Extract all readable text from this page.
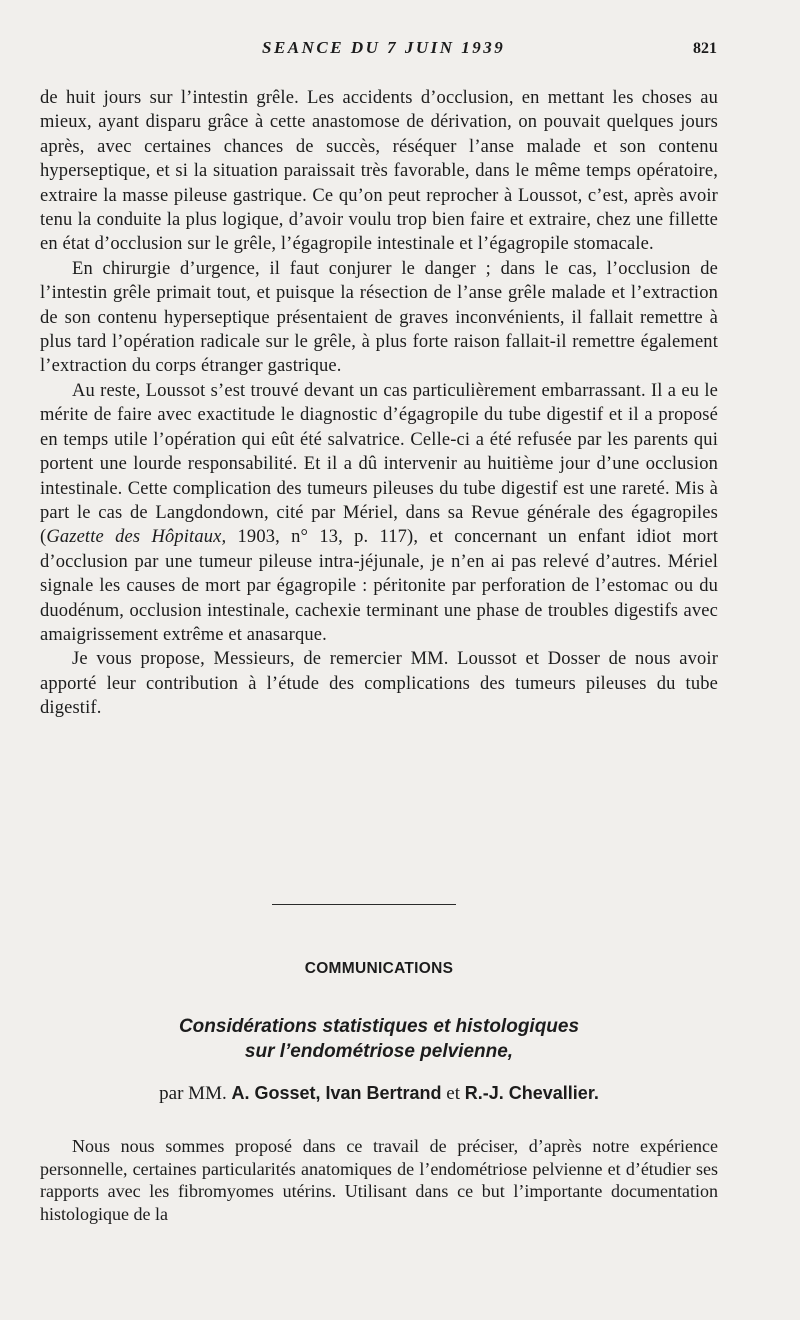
SEANCE DU 7 JUIN 1939	821

de huit jours sur l’intestin grêle. Les accidents d’occlusion, en mettant les choses au mieux, ayant disparu grâce à cette anastomose de dérivation, on pouvait quelques jours après, avec certaines chances de succès, réséquer l’anse malade et son contenu hyperseptique, et si la situation paraissait très favorable, dans le même temps opératoire, extraire la masse pileuse gastrique. Ce qu’on peut reprocher à Loussot, c’est, après avoir tenu la conduite la plus logique, d’avoir voulu trop bien faire et extraire, chez une fillette en état d’occlusion sur le grêle, l’égagropile intestinale et l’égagropile stomacale.

En chirurgie d’urgence, il faut conjurer le danger ; dans le cas, l’occlusion de l’intestin grêle primait tout, et puisque la résection de l’anse grêle malade et l’extraction de son contenu hyperseptique présentaient de graves inconvénients, il fallait remettre à plus tard l’opération radicale sur le grêle, à plus forte raison fallait-il remettre également l’extraction du corps étranger gastrique.

Au reste, Loussot s’est trouvé devant un cas particulièrement embarrassant. Il a eu le mérite de faire avec exactitude le diagnostic d’égagropile du tube digestif et il a proposé en temps utile l’opération qui eût été salvatrice. Celle-ci a été refusée par les parents qui portent une lourde responsabilité. Et il a dû intervenir au huitième jour d’une occlusion intestinale. Cette complication des tumeurs pileuses du tube digestif est une rareté. Mis à part le cas de Langdondown, cité par Mériel, dans sa Revue générale des égagropiles (Gazette des Hôpitaux, 1903, n° 13, p. 117), et concernant un enfant idiot mort d’occlusion par une tumeur pileuse intra-jéjunale, je n’en ai pas relevé d’autres. Mériel signale les causes de mort par égagropile : péritonite par perforation de l’estomac ou du duodénum, occlusion intestinale, cachexie terminant une phase de troubles digestifs avec amaigrissement extrême et anasarque.

Je vous propose, Messieurs, de remercier MM. Loussot et Dosser de nous avoir apporté leur contribution à l’étude des complications des tumeurs pileuses du tube digestif.

COMMUNICATIONS
Considérations statistiques et histologiques
sur l’endométriose pelvienne,
par MM. A. Gosset, Ivan Bertrand et R.-J. Chevallier.

Nous nous sommes proposé dans ce travail de préciser, d’après notre expérience personnelle, certaines particularités anatomiques de l’endométriose pelvienne et d’étudier ses rapports avec les fibromyomes utérins. Utilisant dans ce but l’importante documentation histologique de la
